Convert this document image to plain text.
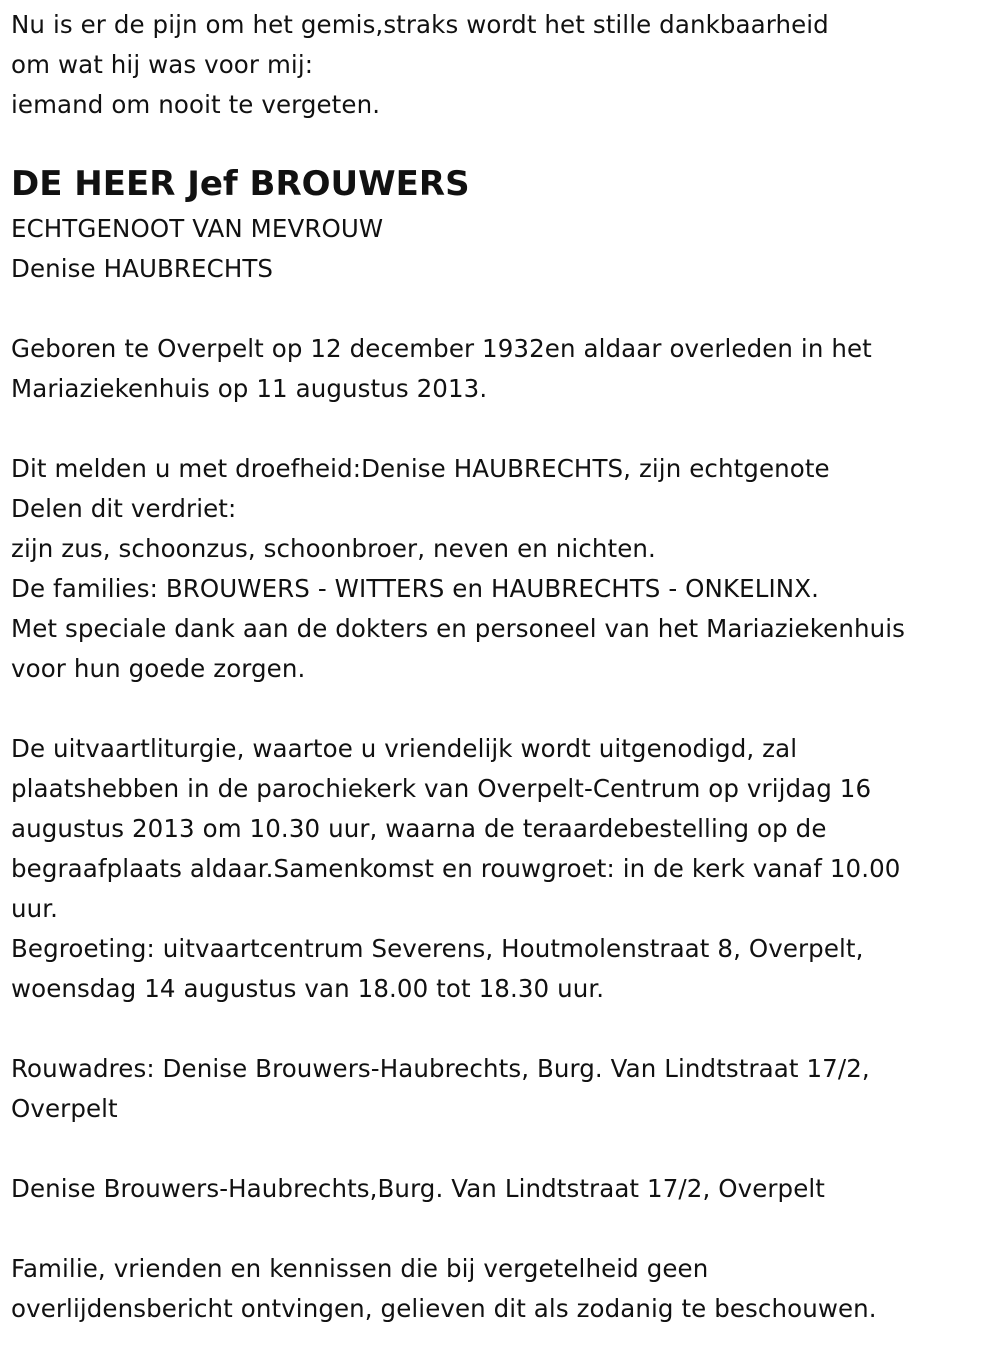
Nu is er de pijn om het gemis,straks wordt het stille dankbaarheid
om wat hij was voor mij:
iemand om nooit te vergeten.
DE HEER Jef BROUWERS
ECHTGENOOT VAN MEVROUW
Denise HAUBRECHTS
Geboren te Overpelt op 12 december 1932en aldaar overleden in het
Mariaziekenhuis op 11 augustus 2013.
Dit melden u met droefheid:Denise HAUBRECHTS, zijn echtgenote
Delen dit verdriet:
zijn zus, schoonzus, schoonbroer, neven en nichten.
De families: BROUWERS - WITTERS en HAUBRECHTS - ONKELINX.
Met speciale dank aan de dokters en personeel van het Mariaziekenhuis
voor hun goede zorgen.
De uitvaartliturgie, waartoe u vriendelijk wordt uitgenodigd, zal
plaatshebben in de parochiekerk van Overpelt-Centrum op vrijdag 16
augustus 2013 om 10.30 uur, waarna de teraardebestelling op de
begraafplaats aldaar.Samenkomst en rouwgroet: in de kerk vanaf 10.00
uur.
Begroeting: uitvaartcentrum Severens, Houtmolenstraat 8, Overpelt,
woensdag 14 augustus van 18.00 tot 18.30 uur.
Rouwadres: Denise Brouwers-Haubrechts, Burg. Van Lindtstraat 17/2,
Overpelt
Denise Brouwers-Haubrechts,Burg. Van Lindtstraat 17/2, Overpelt
Familie, vrienden en kennissen die bij vergetelheid geen
overlijdensbericht ontvingen, gelieven dit als zodanig te beschouwen.
